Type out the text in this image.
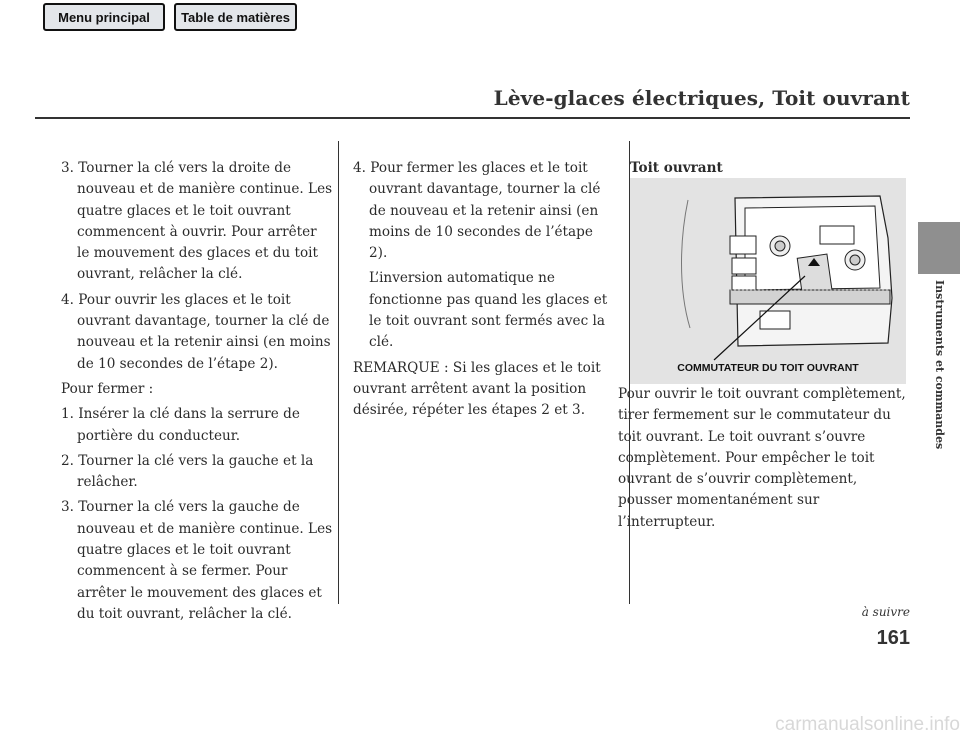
Menu principal	Table de matières
Lève-glaces électriques, Toit ouvrant
Instruments et commandes

3. Tourner la clé vers la droite de nouveau et de manière continue. Les quatre glaces et le toit ouvrant commencent à ouvrir. Pour arrêter le mouvement des glaces et du toit ouvrant, relâcher la clé.

4. Pour ouvrir les glaces et le toit ouvrant davantage, tourner la clé de nouveau et la retenir ainsi (en moins de 10 secondes de l’étape 2).

Pour fermer :

1. Insérer la clé dans la serrure de portière du conducteur.

2. Tourner la clé vers la gauche et la relâcher.

3. Tourner la clé vers la gauche de nouveau et de manière continue. Les quatre glaces et le toit ouvrant commencent à se fermer. Pour arrêter le mouvement des glaces et du toit ouvrant, relâcher la clé.

4. Pour fermer les glaces et le toit ouvrant davantage, tourner la clé de nouveau et la retenir ainsi (en moins de 10 secondes de l’étape 2).

L’inversion automatique ne fonctionne pas quand les glaces et le toit ouvrant sont fermés avec la clé.

REMARQUE : Si les glaces et le toit ouvrant arrêtent avant la position désirée, répéter les étapes 2 et 3.

Toit ouvrant

COMMUTATEUR DU TOIT OUVRANT

Pour ouvrir le toit ouvrant complètement, tirer fermement sur le commutateur du toit ouvrant. Le toit ouvrant s’ouvre complètement. Pour empêcher le toit ouvrant de s’ouvrir complètement, pousser momentanément sur l’interrupteur.

à suivre
161
carmanualsonline.info
